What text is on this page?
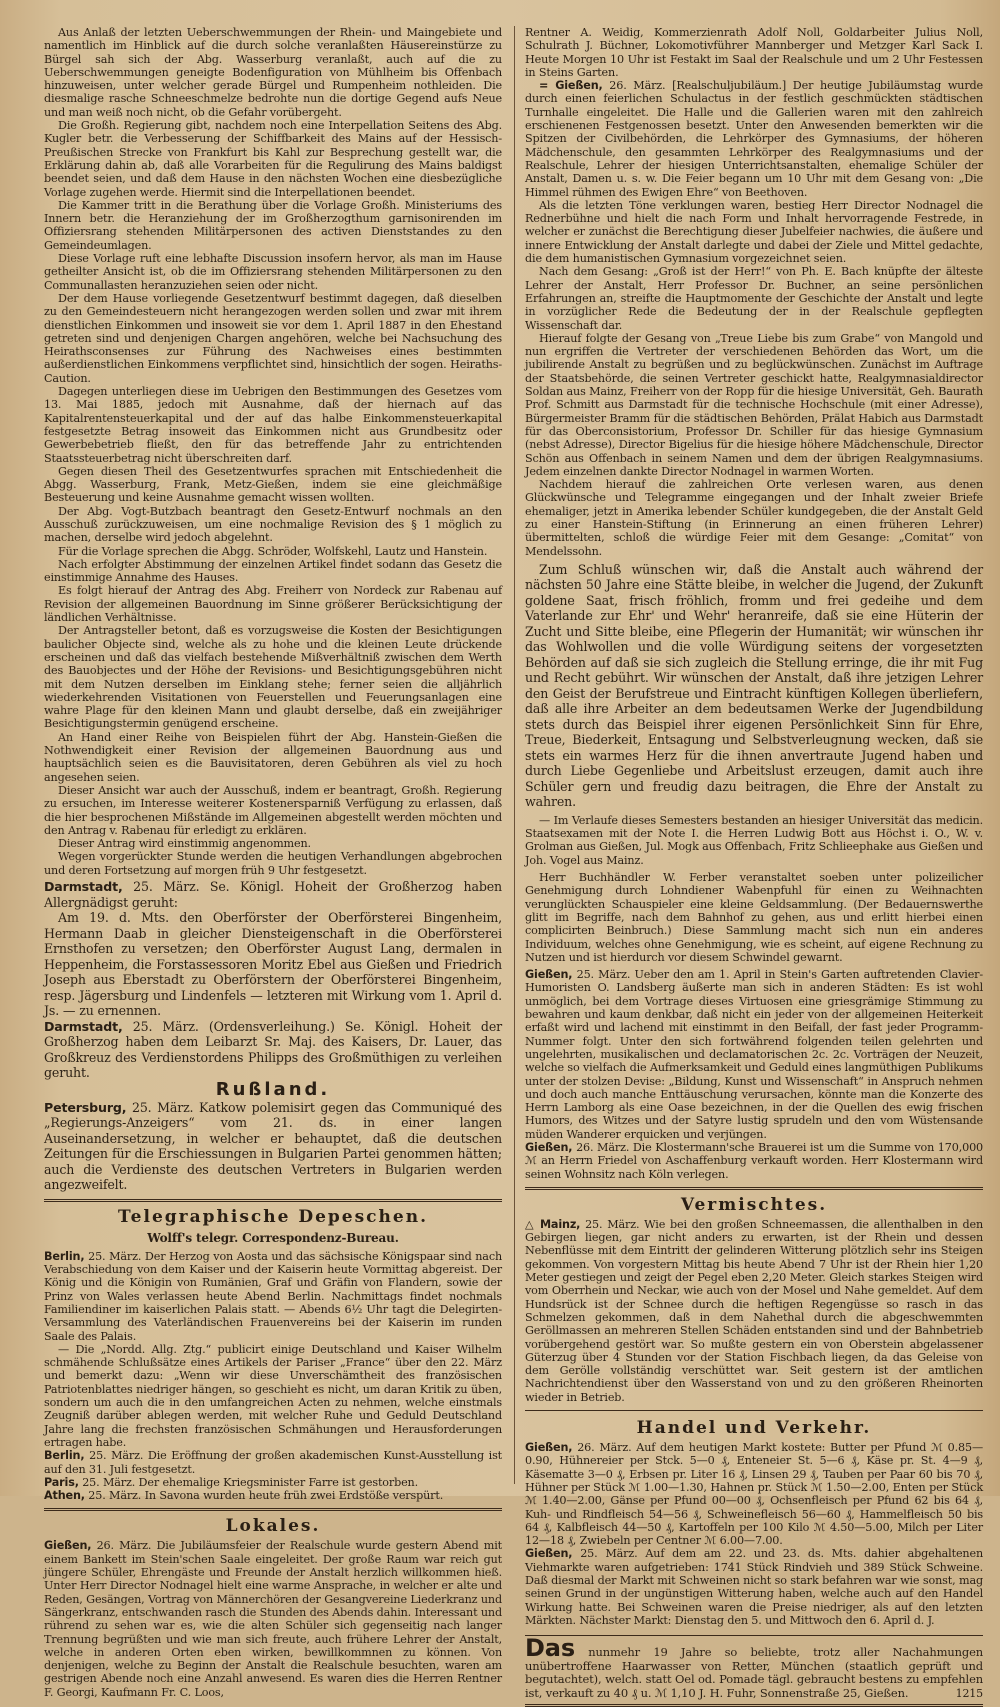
Aus Anlaß der letzten Ueberschwemmungen der Rhein- und Maingebiete und namentlich im Hinblick auf die durch solche veranlaßten Häusereinstürze zu Bürgel sah sich der Abg. Wasserburg veranlaßt, auch auf die zu Ueberschwemmungen geneigte Bodenfiguration von Mühlheim bis Offenbach hinzuweisen, unter welcher gerade Bürgel und Rumpenheim nothleiden. Die diesmalige rasche Schneeschmelze bedrohte nun die dortige Gegend aufs Neue und man weiß noch nicht, ob die Gefahr vorübergeht.

Die Großh. Regierung gibt, nachdem noch eine Interpellation Seitens des Abg. Kugler betr. die Verbesserung der Schiffbarkeit des Mains auf der Hessisch-Preußischen Strecke von Frankfurt bis Kahl zur Besprechung gestellt war, die Erklärung dahin ab, daß alle Vorarbeiten für die Regulirung des Mains baldigst beendet seien, und daß dem Hause in den nächsten Wochen eine diesbezügliche Vorlage zugehen werde. Hiermit sind die Interpellationen beendet.

Die Kammer tritt in die Berathung über die Vorlage Großh. Ministeriums des Innern betr. die Heranziehung der im Großherzogthum garnisonirenden im Offiziersrang stehenden Militärpersonen des activen Dienststandes zu den Gemeindeumlagen.

Diese Vorlage ruft eine lebhafte Discussion insofern hervor, als man im Hause getheilter Ansicht ist, ob die im Offiziersrang stehenden Militärpersonen zu den Communallasten heranzuziehen seien oder nicht.

Der dem Hause vorliegende Gesetzentwurf bestimmt dagegen, daß dieselben zu den Gemeindesteuern nicht herangezogen werden sollen und zwar mit ihrem dienstlichen Einkommen und insoweit sie vor dem 1. April 1887 in den Ehestand getreten sind und denjenigen Chargen angehören, welche bei Nachsuchung des Heirathsconsenses zur Führung des Nachweises eines bestimmten außerdienstlichen Einkommens verpflichtet sind, hinsichtlich der sogen. Heiraths-Caution.

Dagegen unterliegen diese im Uebrigen den Bestimmungen des Gesetzes vom 13. Mai 1885, jedoch mit Ausnahme, daß der hiernach auf das Kapitalrentensteuerkapital und der auf das halbe Einkommensteuerkapital festgesetzte Betrag insoweit das Einkommen nicht aus Grundbesitz oder Gewerbebetrieb fließt, den für das betreffende Jahr zu entrichtenden Staatssteuerbetrag nicht überschreiten darf.

Gegen diesen Theil des Gesetzentwurfes sprachen mit Entschiedenheit die Abgg. Wasserburg, Frank, Metz-Gießen, indem sie eine gleichmäßige Besteuerung und keine Ausnahme gemacht wissen wollten.

Der Abg. Vogt-Butzbach beantragt den Gesetz-Entwurf nochmals an den Ausschuß zurückzuweisen, um eine nochmalige Revision des § 1 möglich zu machen, derselbe wird jedoch abgelehnt.

Für die Vorlage sprechen die Abgg. Schröder, Wolfskehl, Lautz und Hanstein.

Nach erfolgter Abstimmung der einzelnen Artikel findet sodann das Gesetz die einstimmige Annahme des Hauses.

Es folgt hierauf der Antrag des Abg. Freiherr von Nordeck zur Rabenau auf Revision der allgemeinen Bauordnung im Sinne größerer Berücksichtigung der ländlichen Verhältnisse.

Der Antragsteller betont, daß es vorzugsweise die Kosten der Besichtigungen baulicher Objecte sind, welche als zu hohe und die kleinen Leute drückende erscheinen und daß das vielfach bestehende Mißverhältniß zwischen dem Werth des Bauobjectes und der Höhe der Revisions- und Besichtigungsgebühren nicht mit dem Nutzen derselben im Einklang stehe; ferner seien die alljährlich wiederkehrenden Visitationen von Feuerstellen und Feuerungsanlagen eine wahre Plage für den kleinen Mann und glaubt derselbe, daß ein zweijähriger Besichtigungstermin genügend erscheine.

An Hand einer Reihe von Beispielen führt der Abg. Hanstein-Gießen die Nothwendigkeit einer Revision der allgemeinen Bauordnung aus und hauptsächlich seien es die Bauvisitatoren, deren Gebühren als viel zu hoch angesehen seien.

Dieser Ansicht war auch der Ausschuß, indem er beantragt, Großh. Regierung zu ersuchen, im Interesse weiterer Kostenersparniß Verfügung zu erlassen, daß die hier besprochenen Mißstände im Allgemeinen abgestellt werden möchten und den Antrag v. Rabenau für erledigt zu erklären.

Dieser Antrag wird einstimmig angenommen.

Wegen vorgerückter Stunde werden die heutigen Verhandlungen abgebrochen und deren Fortsetzung auf morgen früh 9 Uhr festgesetzt.

Darmstadt, 25. März. Se. Königl. Hoheit der Großherzog haben Allergnädigst geruht:

Am 19. d. Mts. den Oberförster der Oberförsterei Bingenheim, Hermann Daab in gleicher Diensteigenschaft in die Oberförsterei Ernsthofen zu versetzen; den Oberförster August Lang, dermalen in Heppenheim, die Forstassessoren Moritz Ebel aus Gießen und Friedrich Joseph aus Eberstadt zu Oberförstern der Oberförsterei Bingenheim, resp. Jägersburg und Lindenfels — letzteren mit Wirkung vom 1. April d. Js. — zu ernennen.

Darmstadt, 25. März. (Ordensverleihung.) Se. Königl. Hoheit der Großherzog haben dem Leibarzt Sr. Maj. des Kaisers, Dr. Lauer, das Großkreuz des Verdienstordens Philipps des Großmüthigen zu verleihen geruht.

Rußland.

Petersburg, 25. März. Katkow polemisirt gegen das Communiqué des „Regierungs-Anzeigers“ vom 21. ds. in einer langen Auseinandersetzung, in welcher er behauptet, daß die deutschen Zeitungen für die Erschiessungen in Bulgarien Partei genommen hätten; auch die Verdienste des deutschen Vertreters in Bulgarien werden angezweifelt.

Telegraphische Depeschen.
Wolff's telegr. Correspondenz-Bureau.

Berlin, 25. März. Der Herzog von Aosta und das sächsische Königspaar sind nach Verabschiedung von dem Kaiser und der Kaiserin heute Vormittag abgereist. Der König und die Königin von Rumänien, Graf und Gräfin von Flandern, sowie der Prinz von Wales verlassen heute Abend Berlin. Nachmittags findet nochmals Familiendiner im kaiserlichen Palais statt. — Abends 6½ Uhr tagt die Delegirten-Versammlung des Vaterländischen Frauenvereins bei der Kaiserin im runden Saale des Palais.

— Die „Nordd. Allg. Ztg.“ publicirt einige Deutschland und Kaiser Wilhelm schmähende Schlußsätze eines Artikels der Pariser „France“ über den 22. März und bemerkt dazu: „Wenn wir diese Unverschämtheit des französischen Patriotenblattes niedriger hängen, so geschieht es nicht, um daran Kritik zu üben, sondern um auch die in den umfangreichen Acten zu nehmen, welche einstmals Zeugniß darüber ablegen werden, mit welcher Ruhe und Geduld Deutschland Jahre lang die frechsten französischen Schmähungen und Herausforderungen ertragen habe.

Berlin, 25. März. Die Eröffnung der großen akademischen Kunst-Ausstellung ist auf den 31. Juli festgesetzt.

Paris, 25. März. Der ehemalige Kriegsminister Farre ist gestorben.

Athen, 25. März. In Savona wurden heute früh zwei Erdstöße verspürt.

Lokales.

Gießen, 26. März. Die Jubiläumsfeier der Realschule wurde gestern Abend mit einem Bankett im Stein'schen Saale eingeleitet. Der große Raum war reich gut jüngere Schüler, Ehrengäste und Freunde der Anstalt herzlich willkommen hieß. Unter Herr Director Nodnagel hielt eine warme Ansprache, in welcher er alte und Reden, Gesängen, Vortrag von Männerchören der Gesangvereine Liederkranz und Sängerkranz, entschwanden rasch die Stunden des Abends dahin. Interessant und rührend zu sehen war es, wie die alten Schüler sich gegenseitig nach langer Trennung begrüßten und wie man sich freute, auch frühere Lehrer der Anstalt, welche in anderen Orten eben wirken, bewillkommnen zu können. Von denjenigen, welche zu Beginn der Anstalt die Realschule besuchten, waren am gestrigen Abende noch eine Anzahl anwesend. Es waren dies die Herren Rentner F. Georgi, Kaufmann Fr. C. Loos,

Rentner A. Weidig, Kommerzienrath Adolf Noll, Goldarbeiter Julius Noll, Schulrath J. Büchner, Lokomotivführer Mannberger und Metzger Karl Sack I. Heute Morgen 10 Uhr ist Festakt im Saal der Realschule und um 2 Uhr Festessen in Steins Garten.

= Gießen, 26. März. [Realschuljubiläum.] Der heutige Jubiläumstag wurde durch einen feierlichen Schulactus in der festlich geschmückten städtischen Turnhalle eingeleitet. Die Halle und die Gallerien waren mit den zahlreich erschienenen Festgenossen besetzt. Unter den Anwesenden bemerkten wir die Spitzen der Civilbehörden, die Lehrkörper des Gymnasiums, der höheren Mädchenschule, den gesammten Lehrkörper des Realgymnasiums und der Realschule, Lehrer der hiesigen Unterrichtsanstalten, ehemalige Schüler der Anstalt, Damen u. s. w. Die Feier begann um 10 Uhr mit dem Gesang von: „Die Himmel rühmen des Ewigen Ehre“ von Beethoven.

Als die letzten Töne verklungen waren, bestieg Herr Director Nodnagel die Rednerbühne und hielt die nach Form und Inhalt hervorragende Festrede, in welcher er zunächst die Berechtigung dieser Jubelfeier nachwies, die äußere und innere Entwicklung der Anstalt darlegte und dabei der Ziele und Mittel gedachte, die dem humanistischen Gymnasium vorgezeichnet seien.

Nach dem Gesang: „Groß ist der Herr!“ von Ph. E. Bach knüpfte der älteste Lehrer der Anstalt, Herr Professor Dr. Buchner, an seine persönlichen Erfahrungen an, streifte die Hauptmomente der Geschichte der Anstalt und legte in vorzüglicher Rede die Bedeutung der in der Realschule gepflegten Wissenschaft dar.

Hierauf folgte der Gesang von „Treue Liebe bis zum Grabe“ von Mangold und nun ergriffen die Vertreter der verschiedenen Behörden das Wort, um die jubilirende Anstalt zu begrüßen und zu beglückwünschen. Zunächst im Auftrage der Staatsbehörde, die seinen Vertreter geschickt hatte, Realgymnasialdirector Soldan aus Mainz, Freiherr von der Ropp für die hiesige Universität, Geh. Baurath Prof. Schmitt aus Darmstadt für die technische Hochschule (mit einer Adresse), Bürgermeister Bramm für die städtischen Behörden, Prälat Habich aus Darmstadt für das Oberconsistorium, Professor Dr. Schiller für das hiesige Gymnasium (nebst Adresse), Director Bigelius für die hiesige höhere Mädchenschule, Director Schön aus Offenbach in seinem Namen und dem der übrigen Realgymnasiums. Jedem einzelnen dankte Director Nodnagel in warmen Worten.

Nachdem hierauf die zahlreichen Orte verlesen waren, aus denen Glückwünsche und Telegramme eingegangen und der Inhalt zweier Briefe ehemaliger, jetzt in Amerika lebender Schüler kundgegeben, die der Anstalt Geld zu einer Hanstein-Stiftung (in Erinnerung an einen früheren Lehrer) übermittelten, schloß die würdige Feier mit dem Gesange: „Comitat“ von Mendelssohn.

Zum Schluß wünschen wir, daß die Anstalt auch während der nächsten 50 Jahre eine Stätte bleibe, in welcher die Jugend, der Zukunft goldene Saat, frisch fröhlich, fromm und frei gedeihe und dem Vaterlande zur Ehr' und Wehr' heranreife, daß sie eine Hüterin der Zucht und Sitte bleibe, eine Pflegerin der Humanität; wir wünschen ihr das Wohlwollen und die volle Würdigung seitens der vorgesetzten Behörden auf daß sie sich zugleich die Stellung erringe, die ihr mit Fug und Recht gebührt. Wir wünschen der Anstalt, daß ihre jetzigen Lehrer den Geist der Berufstreue und Eintracht künftigen Kollegen überliefern, daß alle ihre Arbeiter an dem bedeutsamen Werke der Jugendbildung stets durch das Beispiel ihrer eigenen Persönlichkeit Sinn für Ehre, Treue, Biederkeit, Entsagung und Selbstverleugnung wecken, daß sie stets ein warmes Herz für die ihnen anvertraute Jugend haben und durch Liebe Gegenliebe und Arbeitslust erzeugen, damit auch ihre Schüler gern und freudig dazu beitragen, die Ehre der Anstalt zu wahren.

— Im Verlaufe dieses Semesters bestanden an hiesiger Universität das medicin. Staatsexamen mit der Note I. die Herren Ludwig Bott aus Höchst i. O., W. v. Grolman aus Gießen, Jul. Mogk aus Offenbach, Fritz Schlieephake aus Gießen und Joh. Vogel aus Mainz.

Herr Buchhändler W. Ferber veranstaltet soeben unter polizeilicher Genehmigung durch Lohndiener Wabenpfuhl für einen zu Weihnachten verunglückten Schauspieler eine kleine Geldsammlung. (Der Bedauernswerthe glitt im Begriffe, nach dem Bahnhof zu gehen, aus und erlitt hierbei einen complicirten Beinbruch.) Diese Sammlung macht sich nun ein anderes Individuum, welches ohne Genehmigung, wie es scheint, auf eigene Rechnung zu Nutzen und ist hierdurch vor diesem Schwindel gewarnt.

Gießen, 25. März. Ueber den am 1. April in Stein's Garten auftretenden Clavier-Humoristen O. Landsberg äußerte man sich in anderen Städten: Es ist wohl unmöglich, bei dem Vortrage dieses Virtuosen eine griesgrämige Stimmung zu bewahren und kaum denkbar, daß nicht ein jeder von der allgemeinen Heiterkeit erfaßt wird und lachend mit einstimmt in den Beifall, der fast jeder Programm-Nummer folgt. Unter den sich fortwährend folgenden teilen gelehrten und ungelehrten, musikalischen und declamatorischen 2c. 2c. Vorträgen der Neuzeit, welche so vielfach die Aufmerksamkeit und Geduld eines langmüthigen Publikums unter der stolzen Devise: „Bildung, Kunst und Wissenschaft“ in Anspruch nehmen und doch auch manche Enttäuschung verursachen, könnte man die Konzerte des Herrn Lamborg als eine Oase bezeichnen, in der die Quellen des ewig frischen Humors, des Witzes und der Satyre lustig sprudeln und den vom Wüstensande müden Wanderer erquicken und verjüngen.

Gießen, 26. März. Die Klostermann'sche Brauerei ist um die Summe von 170,000 ℳ an Herrn Friedel von Aschaffenburg verkauft worden. Herr Klostermann wird seinen Wohnsitz nach Köln verlegen.

Vermischtes.

△ Mainz, 25. März. Wie bei den großen Schneemassen, die allenthalben in den Gebirgen liegen, gar nicht anders zu erwarten, ist der Rhein und dessen Nebenflüsse mit dem Eintritt der gelinderen Witterung plötzlich sehr ins Steigen gekommen. Von vorgestern Mittag bis heute Abend 7 Uhr ist der Rhein hier 1,20 Meter gestiegen und zeigt der Pegel eben 2,20 Meter. Gleich starkes Steigen wird vom Oberrhein und Neckar, wie auch von der Mosel und Nahe gemeldet. Auf dem Hundsrück ist der Schnee durch die heftigen Regengüsse so rasch in das Schmelzen gekommen, daß in dem Nahethal durch die abgeschwemmten Geröllmassen an mehreren Stellen Schäden entstanden sind und der Bahnbetrieb vorübergehend gestört war. So mußte gestern ein von Oberstein abgelassener Güterzug über 4 Stunden vor der Station Fischbach liegen, da das Geleise von dem Gerölle vollständig verschüttet war. Seit gestern ist der amtlichen Nachrichtendienst über den Wasserstand von und zu den größeren Rheinorten wieder in Betrieb.

Handel und Verkehr.

Gießen, 26. März. Auf dem heutigen Markt kostete: Butter per Pfund ℳ 0.85—0.90, Hühnereier per Stck. 5—0 ₰, Enteneier St. 5—6 ₰, Käse pr. St. 4—9 ₰, Käsematte 3—0 ₰, Erbsen pr. Liter 16 ₰, Linsen 29 ₰, Tauben per Paar 60 bis 70 ₰, Hühner per Stück ℳ 1.00—1.30, Hahnen pr. Stück ℳ 1.50—2.00, Enten per Stück ℳ 1.40—2.00, Gänse per Pfund 00—00 ₰, Ochsenfleisch per Pfund 62 bis 64 ₰, Kuh- und Rindfleisch 54—56 ₰, Schweinefleisch 56—60 ₰, Hammelfleisch 50 bis 64 ₰, Kalbfleisch 44—50 ₰, Kartoffeln per 100 Kilo ℳ 4.50—5.00, Milch per Liter 12—18 ₰, Zwiebeln per Centner ℳ 6.00—7.00.

Gießen, 25. März. Auf dem am 22. und 23. ds. Mts. dahier abgehaltenen Viehmarkte waren aufgetrieben: 1741 Stück Rindvieh und 389 Stück Schweine. Daß diesmal der Markt mit Schweinen nicht so stark befahren war wie sonst, mag seinen Grund in der ungünstigen Witterung haben, welche auch auf den Handel Wirkung hatte. Bei Schweinen waren die Preise niedriger, als auf den letzten Märkten. Nächster Markt: Dienstag den 5. und Mittwoch den 6. April d. J.

Das nunmehr 19 Jahre so beliebte, trotz aller Nachahmungen unübertroffene Haarwasser von Retter, München (staatlich geprüft und begutachtet), welch. statt Oel od. Pomade tägl. gebraucht bestens zu empfehlen ist, verkauft zu 40 ₰ u. ℳ 1,10 J. H. Fuhr, Sonnenstraße 25, Gießen.	1215
